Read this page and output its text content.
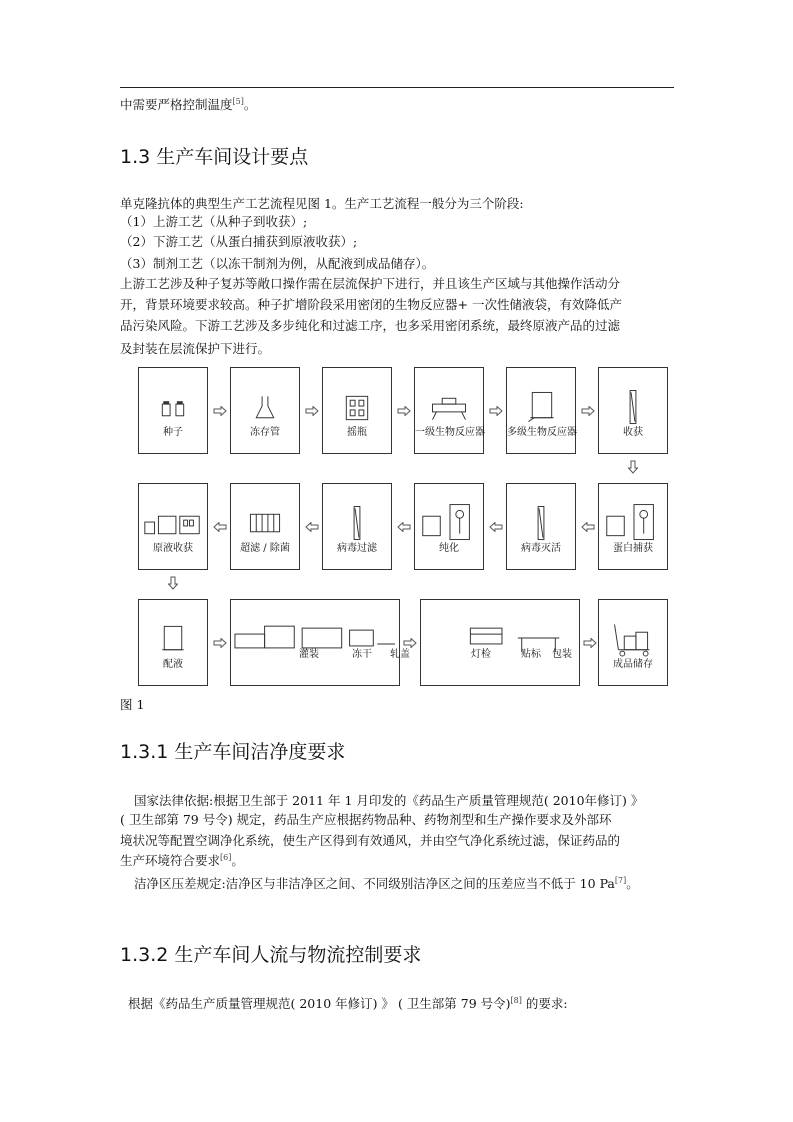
中需要严格控制温度[5]。
1.3 生产车间设计要点
单克隆抗体的典型生产工艺流程见图 1。生产工艺流程一般分为三个阶段:
（1）上游工艺（从种子到收获）;
（2）下游工艺（从蛋白捕获到原液收获）;
（3）制剂工艺（以冻干制剂为例，从配液到成品储存）。
上游工艺涉及种子复苏等敞口操作需在层流保护下进行，并且该生产区域与其他操作活动分
开，背景环境要求较高。种子扩增阶段采用密闭的生物反应器+ 一次性储液袋，有效降低产
品污染风险。下游工艺涉及多步纯化和过滤工序，也多采用密闭系统，最终原液产品的过滤
及封装在层流保护下进行。
种子	冻存管	摇瓶	一级生物反应器 多级生物反应器	收获
蛋白捕获
病毒灭活
纯化
病毒过滤
超滤 / 除菌
原液收获
配液
灌装	冻干 轧盖	灯检	贴标 包装
成品储存
图 1
1.3.1 生产车间洁净度要求
国家法律依据:根据卫生部于 2011 年 1 月印发的《药品生产质量管理规范( 2010年修订) 》
( 卫生部第 79 号令) 规定，药品生产应根据药物品种、药物剂型和生产操作要求及外部环
境状况等配置空调净化系统，使生产区得到有效通风，并由空气净化系统过滤，保证药品的
生产环境符合要求[6]。
洁净区压差规定:洁净区与非洁净区之间、不同级别洁净区之间的压差应当不低于 10 Pa[7]。
1.3.2 生产车间人流与物流控制要求
根据《药品生产质量管理规范( 2010 年修订) 》 ( 卫生部第 79 号令)[8] 的要求:
